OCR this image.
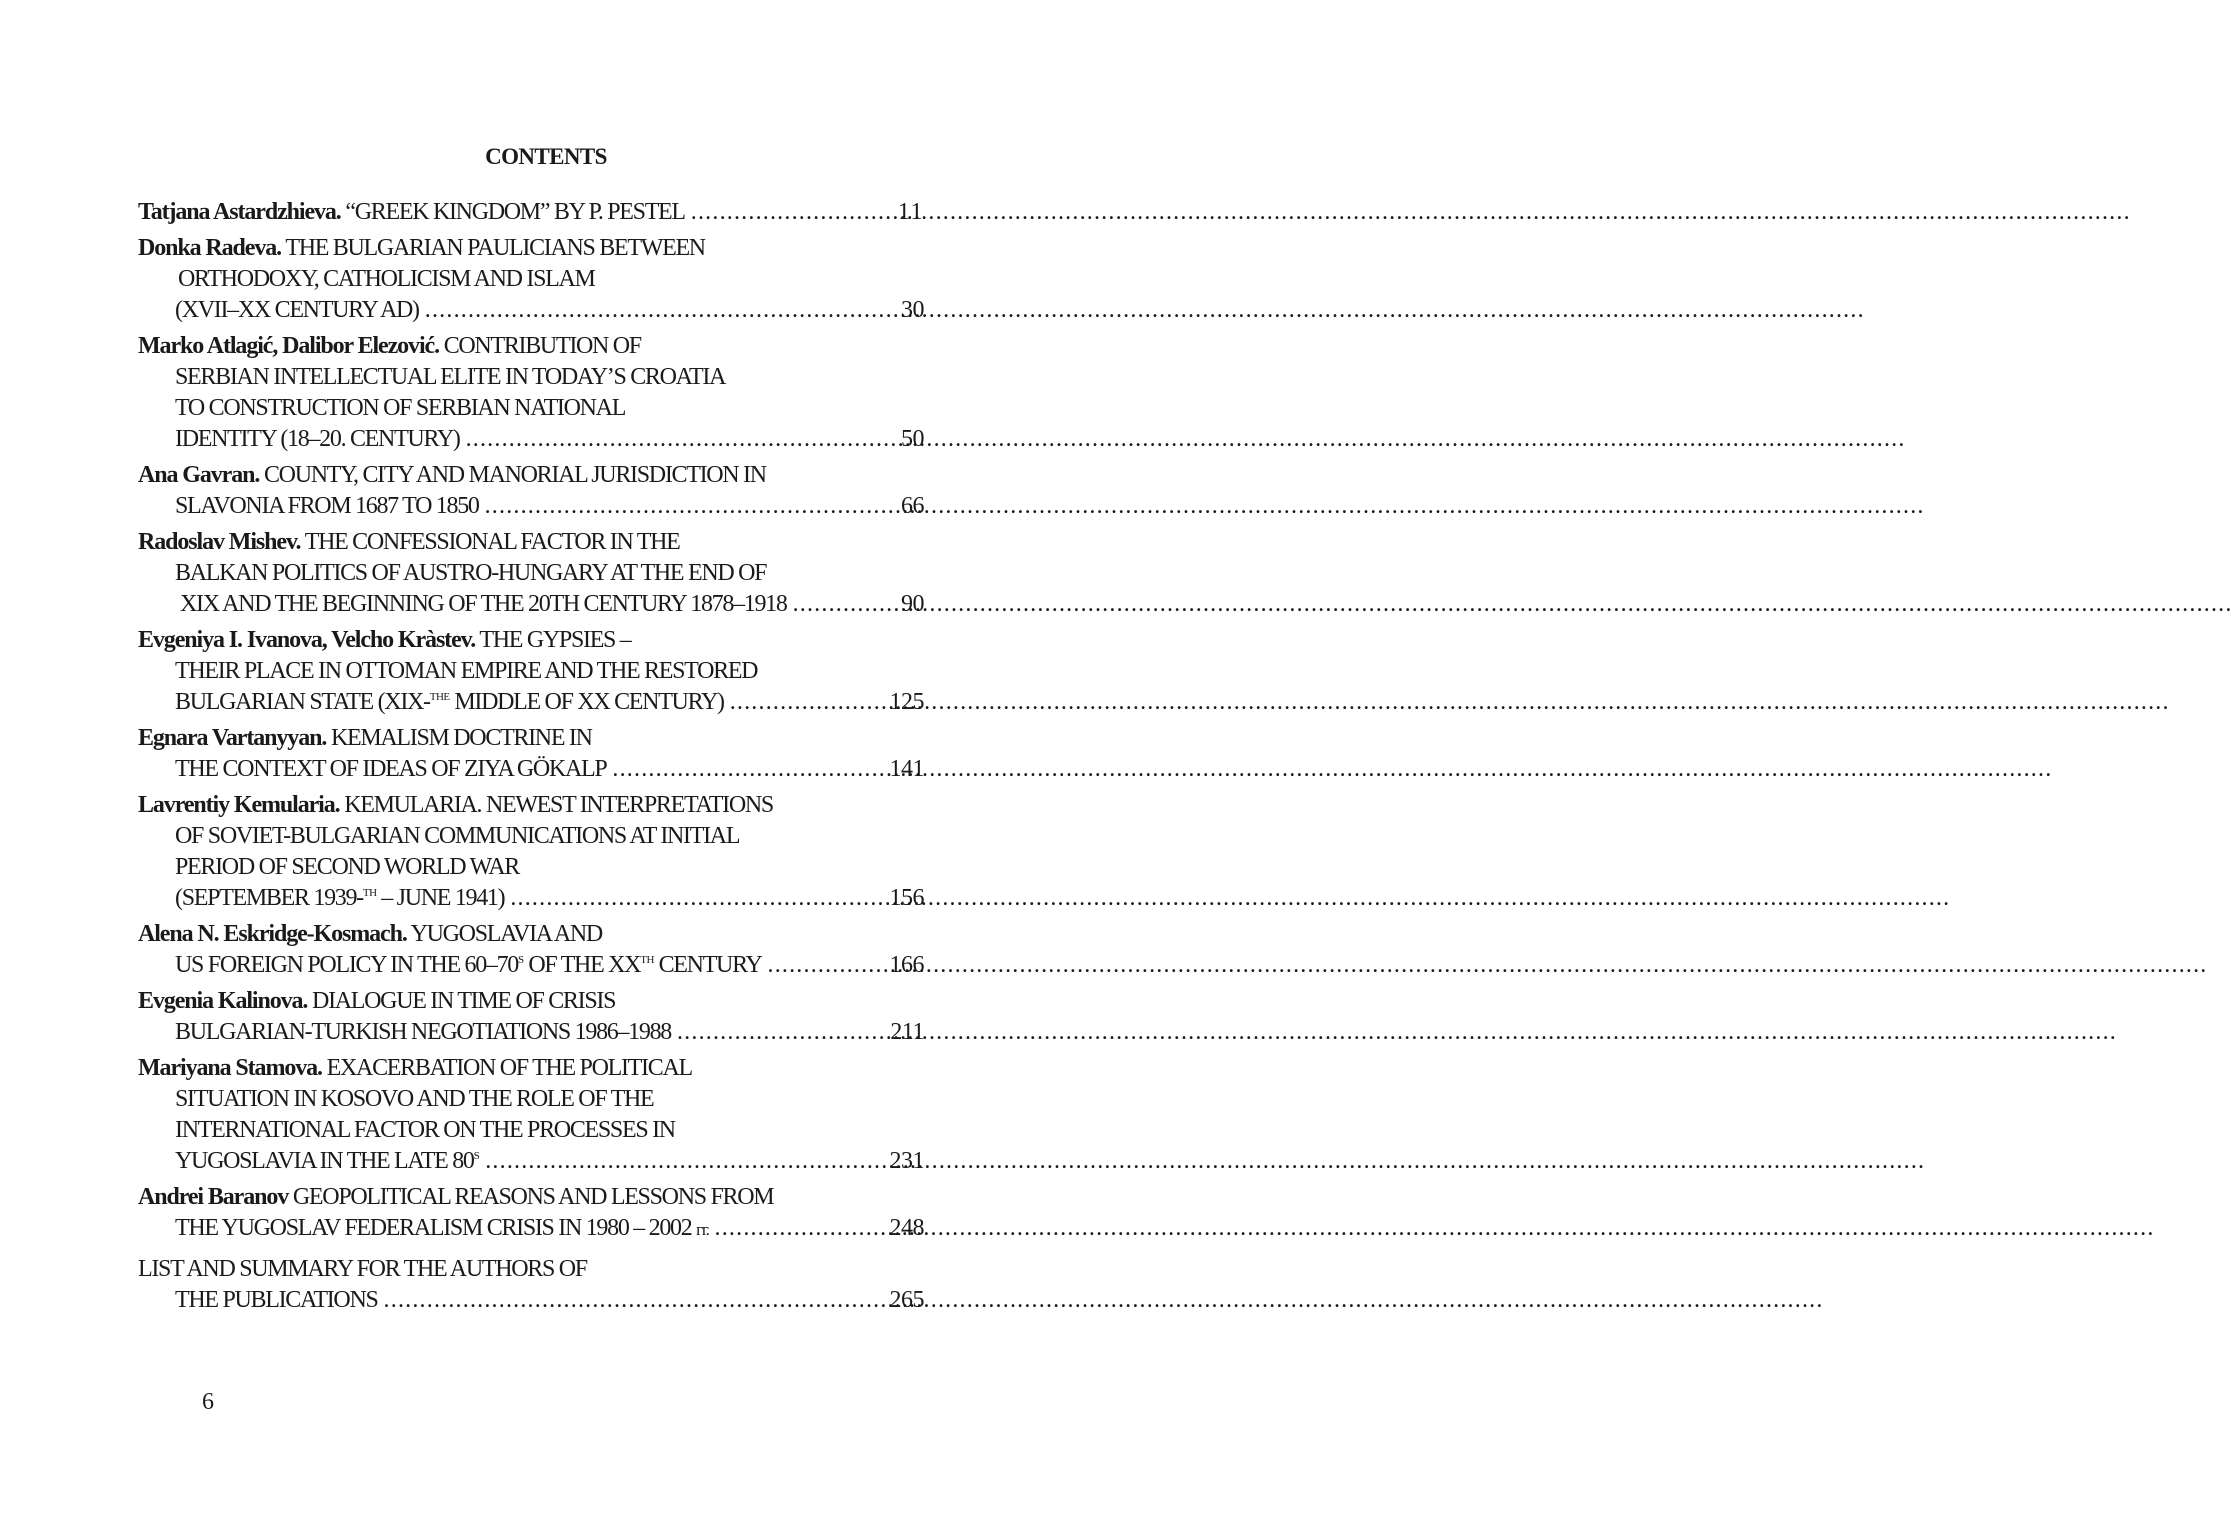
CONTENTS
Tatjana Astardzhieva. “GREEK KINGDOM” BY P. PESTEL .....	11
Donka Radeva. THE BULGARIAN PAULICIANS BETWEEN
ORTHODOXY, CATHOLICISM AND ISLAM
(XVII–XX CENTURY AD) .....	30
Marko Atlagić, Dalibor Elezović. CONTRIBUTION OF
SERBIAN INTELLECTUAL ELITE IN TODAY’S CROATIA
TO CONSTRUCTION OF SERBIAN NATIONAL
IDENTITY (18–20. CENTURY) .....	50
Ana Gavran. COUNTY, CITY AND MANORIAL JURISDICTION IN
SLAVONIA FROM 1687 TO 1850 .....	66
Radoslav Mishev. THE CONFESSIONAL FACTOR IN THE
BALKAN POLITICS OF AUSTRO-HUNGARY AT THE END OF
XIX AND THE BEGINNING OF THE 20TH CENTURY 1878–1918 .....	90
Evgeniya I. Ivanova, Velcho Kràstev. THE GYPSIES –
THEIR PLACE IN OTTOMAN EMPIRE AND THE RESTORED
BULGARIAN STATE (XIX-$^{THE}$ MIDDLE OF XX CENTURY) .....	125
Egnara Vartanyyan. KEMALISM DOCTRINE IN
THE CONTEXT OF IDEAS OF ZIYA GÖKALP .....	141
Lavrentiy Kemularia. KEMULARIA. NEWEST INTERPRETATIONS
OF SOVIET-BULGARIAN COMMUNICATIONS AT INITIAL
PERIOD OF SECOND WORLD WAR
(SEPTEMBER 1939-$^{TH}$ – JUNE 1941) .....	156
Alena N. Eskridge-Kosmach. YUGOSLAVIA AND
US FOREIGN POLICY IN THE $60-70^S$ OF THE XXTH CENTURY .....	166
Evgenia Kalinova. DIALOGUE IN TIME OF CRISIS
BULGARIAN-TURKISH NEGOTIATIONS 1986–1988 .....	211
Mariyana Stamova. EXACERBATION OF THE POLITICAL
SITUATION IN KOSOVO AND THE ROLE OF THE
INTERNATIONAL FACTOR ON THE PROCESSES IN
YUGOSLAVIA IN THE LATE $80^S$ .....	231
Andrei Baranov GEOPOLITICAL REASONS AND LESSONS FROM
THE YUGOSLAV FEDERALISM CRISIS IN 1980 – 2002 гг. .....	248
LIST AND SUMMARY FOR THE AUTHORS OF
THE PUBLICATIONS .....	265
6
